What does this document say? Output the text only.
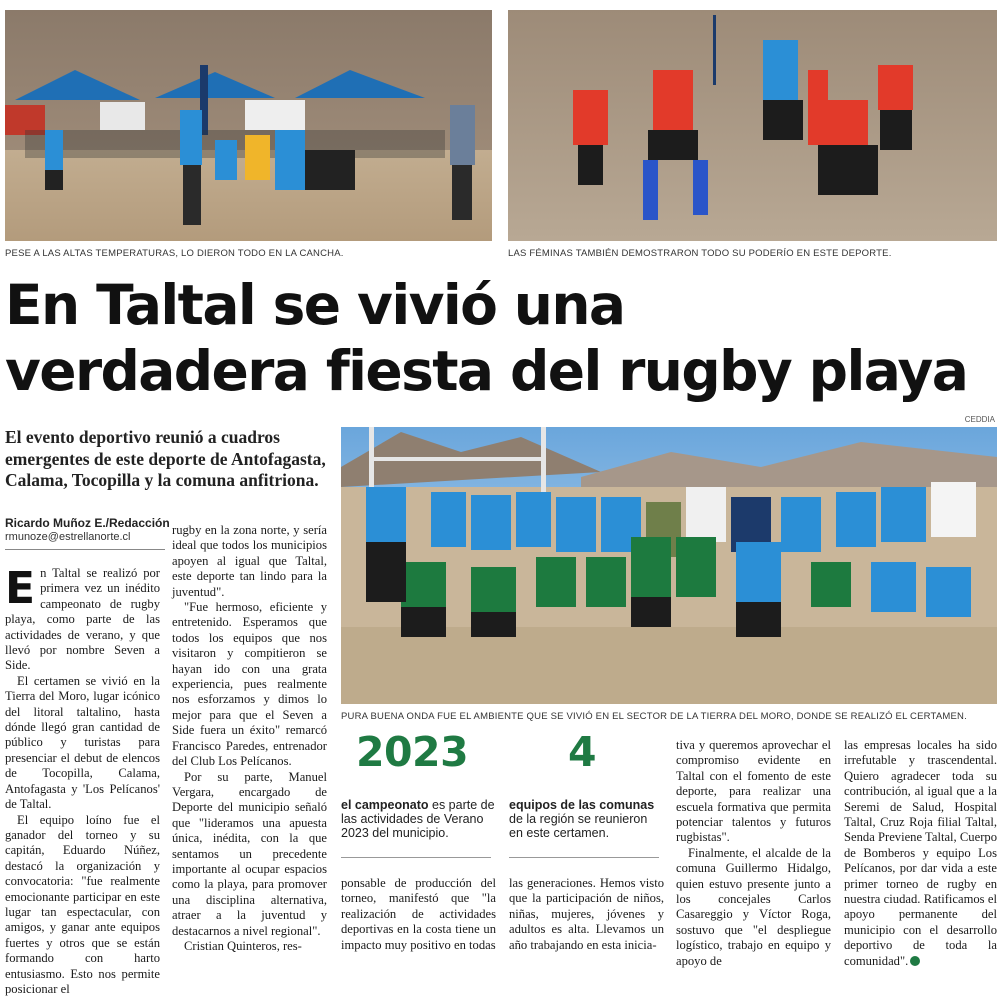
PESE A LAS ALTAS TEMPERATURAS, LO DIERON TODO EN LA CANCHA.	LAS FÉMINAS TAMBIÉN DEMOSTRARON TODO SU PODERÍO EN ESTE DEPORTE.
En Taltal se vivió una
verdadera fiesta del rugby playa
CEDDIA
El evento deportivo reunió a cuadros emergentes de este deporte de Antofagasta, Calama, Tocopilla y la comuna anfitriona.
Ricardo Muñoz E./Redacción
rmunoze@estrellanorte.cl
PURA BUENA ONDA FUE EL AMBIENTE QUE SE VIVIÓ EN EL SECTOR DE LA TIERRA DEL MORO, DONDE SE REALIZÓ EL CERTAMEN.

En Taltal se realizó por primera vez un inédito campeonato de rugby playa, como parte de las actividades de verano, y que llevó por nombre Seven a Side.

El certamen se vivió en la Tierra del Moro, lugar icónico del litoral taltalino, hasta dónde llegó gran cantidad de público y turistas para presenciar el debut de elencos de Tocopilla, Calama, Antofagasta y 'Los Pelícanos' de Taltal.

El equipo loíno fue el ganador del torneo y su capitán, Eduardo Núñez, destacó la organización y convocatoria: "fue realmente emocionante participar en este lugar tan espectacular, con amigos, y ganar ante equipos fuertes y otros que se están formando con harto entusiasmo. Esto nos permite posicionar el

rugby en la zona norte, y sería ideal que todos los municipios apoyen al igual que Taltal, este deporte tan lindo para la juventud".

"Fue hermoso, eficiente y entretenido. Esperamos que todos los equipos que nos visitaron y compitieron se hayan ido con una grata experiencia, pues realmente nos esforzamos y dimos lo mejor para que el Seven a Side fuera un éxito" remarcó Francisco Paredes, entrenador del Club Los Pelícanos.

Por su parte, Manuel Vergara, encargado de Deporte del municipio señaló que "lideramos una apuesta única, inédita, con la que sentamos un precedente importante al ocupar espacios como la playa, para promover una disciplina alternativa, atraer a la juventud y destacarnos a nivel regional".

Cristian Quinteros, res-

2023
el campeonato es parte de las actividades de Verano 2023 del municipio.
4
equipos de las comunas de la región se reunieron en este certamen.

ponsable de producción del torneo, manifestó que "la realización de actividades deportivas en la costa tiene un impacto muy positivo en todas

las generaciones. Hemos visto que la participación de niños, niñas, mujeres, jóvenes y adultos es alta. Llevamos un año trabajando en esta inicia-

tiva y queremos aprovechar el compromiso evidente en Taltal con el fomento de este deporte, para realizar una escuela formativa que permita potenciar talentos y futuros rugbistas".

Finalmente, el alcalde de la comuna Guillermo Hidalgo, quien estuvo presente junto a los concejales Carlos Casareggio y Víctor Roga, sostuvo que "el despliegue logístico, trabajo en equipo y apoyo de

las empresas locales ha sido irrefutable y trascendental. Quiero agradecer toda su contribución, al igual que a la Seremi de Salud, Hospital Taltal, Cruz Roja filial Taltal, Senda Previene Taltal, Cuerpo de Bomberos y equipo Los Pelícanos, por dar vida a este primer torneo de rugby en nuestra ciudad. Ratificamos el apoyo permanente del municipio con el desarrollo deportivo de toda la comunidad".
